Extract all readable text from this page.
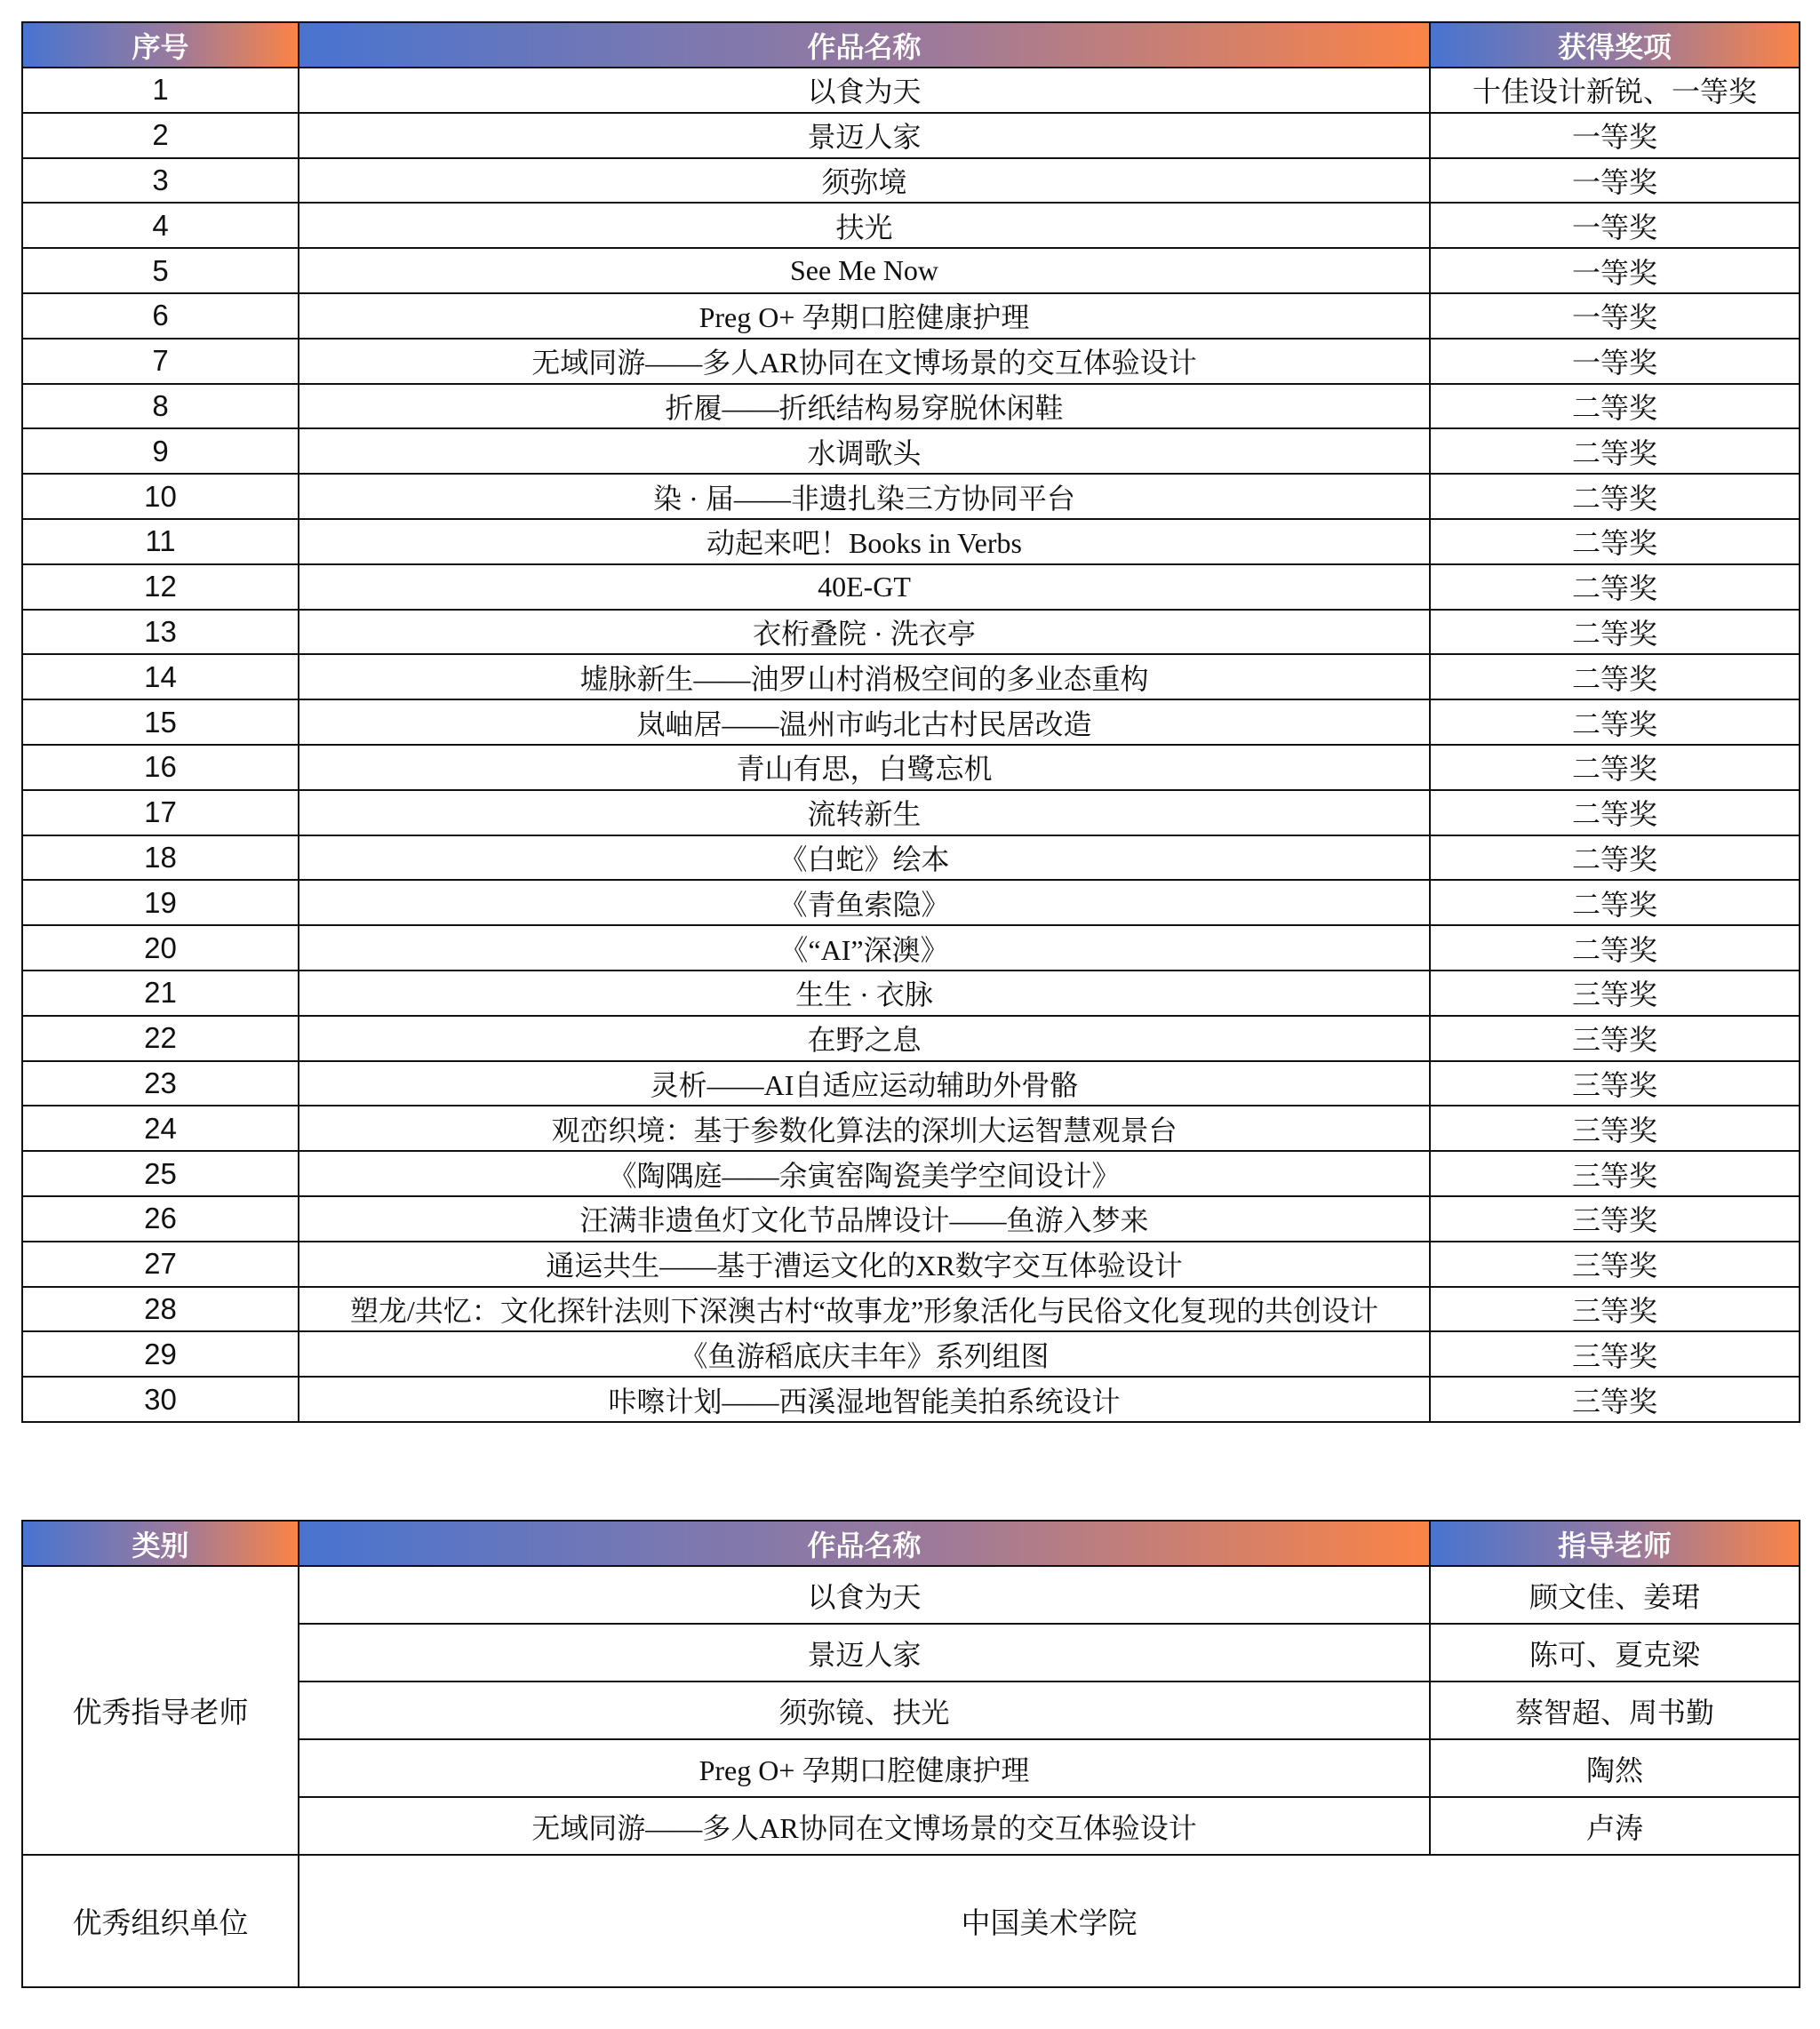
序号	作品名称	获得奖项
1	以食为天	十佳设计新锐、一等奖
2	景迈人家	一等奖
3	须弥境	一等奖
4	扶光	一等奖
5	See Me Now	一等奖
6	Preg O+ 孕期口腔健康护理	一等奖
7	无域同游——多人AR协同在文博场景的交互体验设计	一等奖
8	折履——折纸结构易穿脱休闲鞋	二等奖
9	水调歌头	二等奖
10	染 · 届——非遗扎染三方协同平台	二等奖
11	动起来吧！Books in Verbs	二等奖
12	40E-GT	二等奖
13	衣桁叠院 · 洗衣亭	二等奖
14	墟脉新生——油罗山村消极空间的多业态重构	二等奖
15	岚岫居——温州市屿北古村民居改造	二等奖
16	青山有思，白鹭忘机	二等奖
17	流转新生	二等奖
18	《白蛇》绘本	二等奖
19	《青鱼索隐》	二等奖
20	《“AI”深澳》	二等奖
21	生生 · 衣脉	三等奖
22	在野之息	三等奖
23	灵析——AI自适应运动辅助外骨骼	三等奖
24	观峦织境：基于参数化算法的深圳大运智慧观景台	三等奖
25	《陶隅庭——余寅窑陶瓷美学空间设计》	三等奖
26	汪满非遗鱼灯文化节品牌设计——鱼游入梦来	三等奖
27	通运共生——基于漕运文化的XR数字交互体验设计	三等奖
28	塑龙/共忆：文化探针法则下深澳古村“故事龙”形象活化与民俗文化复现的共创设计	三等奖
29	《鱼游稻底庆丰年》系列组图	三等奖
30	咔嚓计划——西溪湿地智能美拍系统设计	三等奖
类别	作品名称	指导老师
优秀指导老师	以食为天	顾文佳、姜珺
	景迈人家	陈可、夏克梁
	须弥镜、扶光	蔡智超、周书勤
	Preg O+ 孕期口腔健康护理	陶然
	无域同游——多人AR协同在文博场景的交互体验设计	卢涛
优秀组织单位	中国美术学院	
